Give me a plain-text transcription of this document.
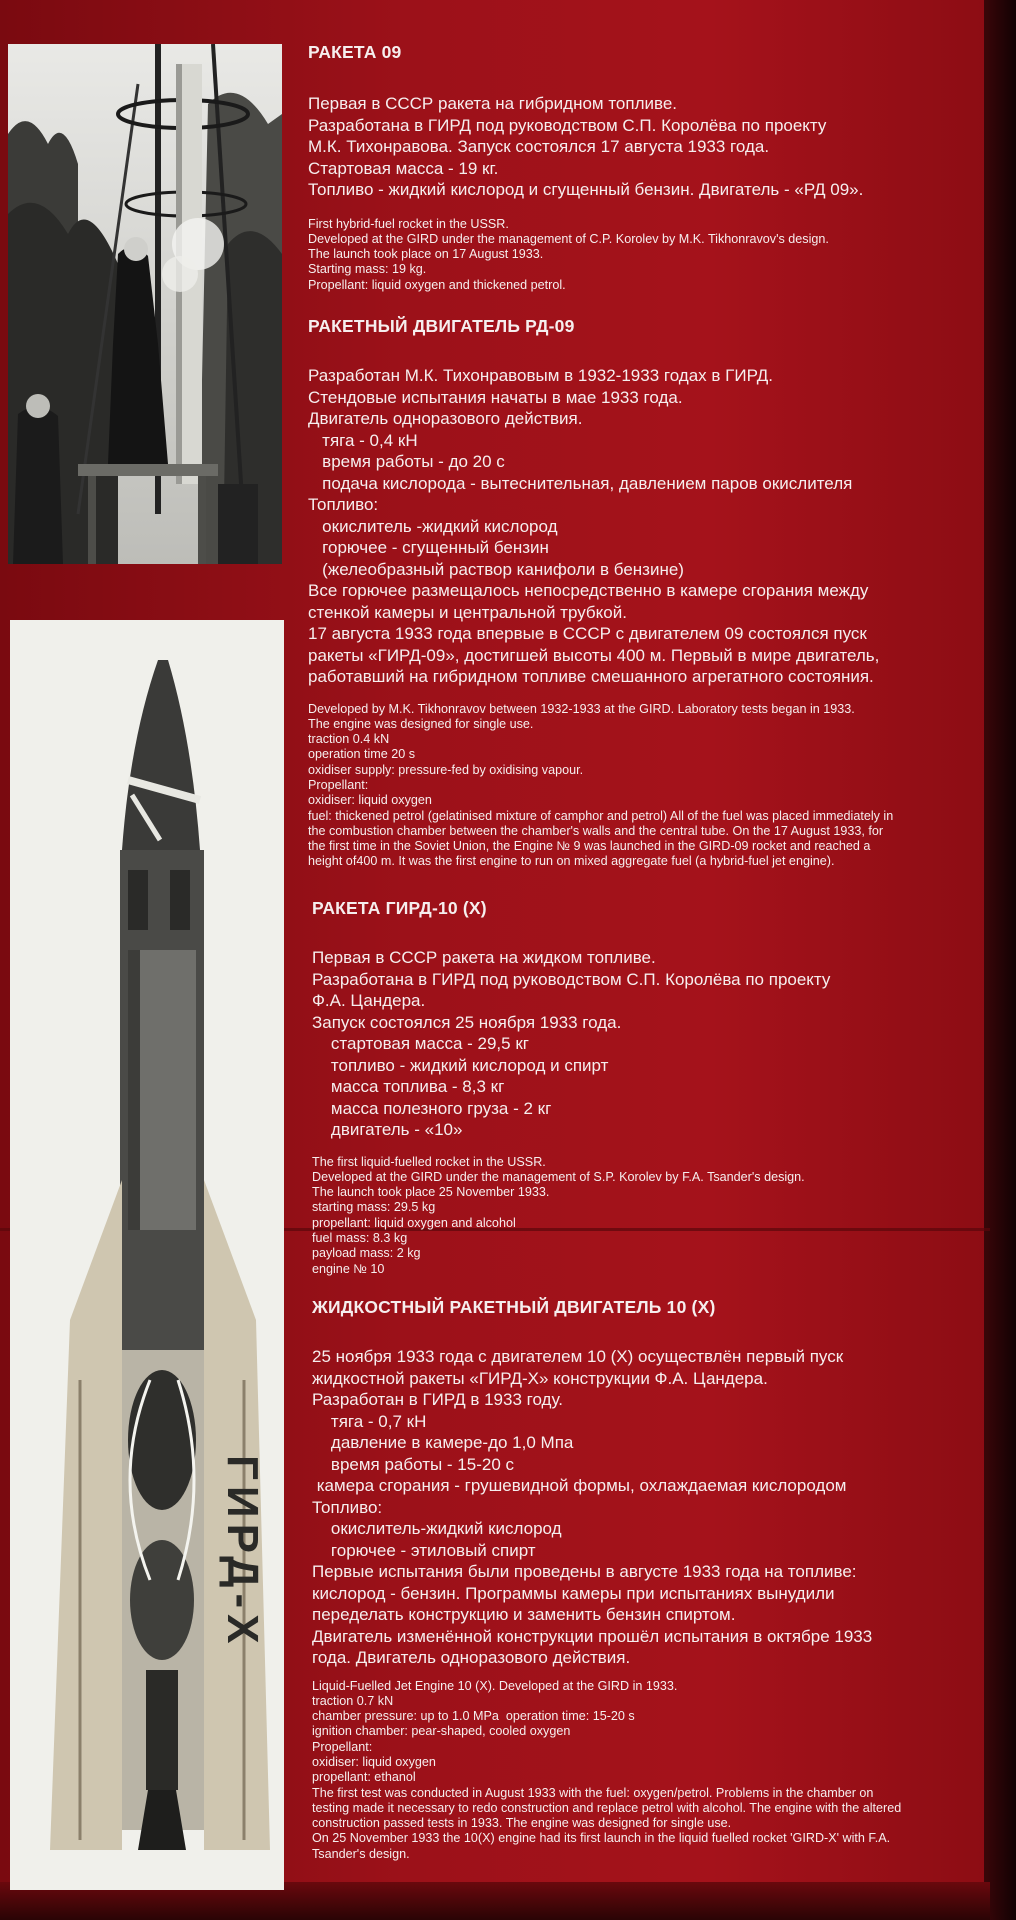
ГИРД-Х

РАКЕТА 09

Первая в СССР ракета на гибридном топливе.
Разработана в ГИРД под руководством С.П. Королёва по проекту
М.К. Тихонравова. Запуск состоялся 17 августа 1933 года.
Стартовая масса - 19 кг.
Топливо - жидкий кислород и сгущенный бензин. Двигатель - «РД 09».

First hybrid-fuel rocket in the USSR.
Developed at the GIRD under the management of C.P. Korolev by M.K. Tikhonravov's design.
The launch took place on 17 August 1933.
Starting mass: 19 kg.
Propellant: liquid oxygen and thickened petrol.

РАКЕТНЫЙ ДВИГАТЕЛЬ РД-09

Разработан М.К. Тихонравовым в 1932-1933 годах в ГИРД.
Стендовые испытания начаты в мае 1933 года.
Двигатель одноразового действия.
тяга - 0,4 кН
время работы - до 20 с
подача кислорода - вытеснительная, давлением паров окислителя
Топливо:
окислитель -жидкий кислород
горючее - сгущенный бензин
(желеобразный раствор канифоли в бензине)
Все горючее размещалось непосредственно в камере сгорания между
стенкой камеры и центральной трубкой.
17 августа 1933 года впервые в СССР с двигателем 09 состоялся пуск
ракеты «ГИРД-09», достигшей высоты 400 м. Первый в мире двигатель,
работавший на гибридном топливе смешанного агрегатного состояния.

Developed by M.K. Tikhonravov between 1932-1933 at the GIRD. Laboratory tests began in 1933.
The engine was designed for single use.
traction 0.4 kN
operation time 20 s
oxidiser supply: pressure-fed by oxidising vapour.
Propellant:
oxidiser: liquid oxygen
fuel: thickened petrol (gelatinised mixture of camphor and petrol) All of the fuel was placed immediately in
the combustion chamber between the chamber's walls and the central tube. On the 17 August 1933, for
the first time in the Soviet Union, the Engine № 9 was launched in the GIRD-09 rocket and reached a
height of400 m. It was the first engine to run on mixed aggregate fuel (a hybrid-fuel jet engine).

РАКЕТА ГИРД-10 (Х)

Первая в СССР ракета на жидком топливе.
Разработана в ГИРД под руководством С.П. Королёва по проекту
Ф.А. Цандера.
Запуск состоялся 25 ноября 1933 года.
стартовая масса - 29,5 кг
топливо - жидкий кислород и спирт
масса топлива - 8,3 кг
масса полезного груза - 2 кг
двигатель - «10»

The first liquid-fuelled rocket in the USSR.
Developed at the GIRD under the management of S.P. Korolev by F.A. Tsander's design.
The launch took place 25 November 1933.
starting mass: 29.5 kg
propellant: liquid oxygen and alcohol
fuel mass: 8.3 kg
payload mass: 2 kg
engine № 10

ЖИДКОСТНЫЙ РАКЕТНЫЙ ДВИГАТЕЛЬ 10 (Х)

25 ноября 1933 года с двигателем 10 (Х) осуществлён первый пуск
жидкостной ракеты «ГИРД-Х» конструкции Ф.А. Цандера.
Разработан в ГИРД в 1933 году.
тяга - 0,7 кН
давление в камере-до 1,0 Мпа
время работы - 15-20 с
камера сгорания - грушевидной формы, охлаждаемая кислородом
Топливо:
окислитель-жидкий кислород
горючее - этиловый спирт
Первые испытания были проведены в августе 1933 года на топливе:
кислород - бензин. Программы камеры при испытаниях вынудили
переделать конструкцию и заменить бензин спиртом.
Двигатель изменённой конструкции прошёл испытания в октябре 1933
года. Двигатель одноразового действия.

Liquid-Fuelled Jet Engine 10 (X). Developed at the GIRD in 1933.
traction 0.7 kN
chamber pressure: up to 1.0 MPa  operation time: 15-20 s
ignition chamber: pear-shaped, cooled oxygen
Propellant:
oxidiser: liquid oxygen
propellant: ethanol
The first test was conducted in August 1933 with the fuel: oxygen/petrol. Problems in the chamber on
testing made it necessary to redo construction and replace petrol with alcohol. The engine with the altered
construction passed tests in 1933. The engine was designed for single use.
On 25 November 1933 the 10(X) engine had its first launch in the liquid fuelled rocket 'GIRD-X' with F.A.
Tsander's design.
